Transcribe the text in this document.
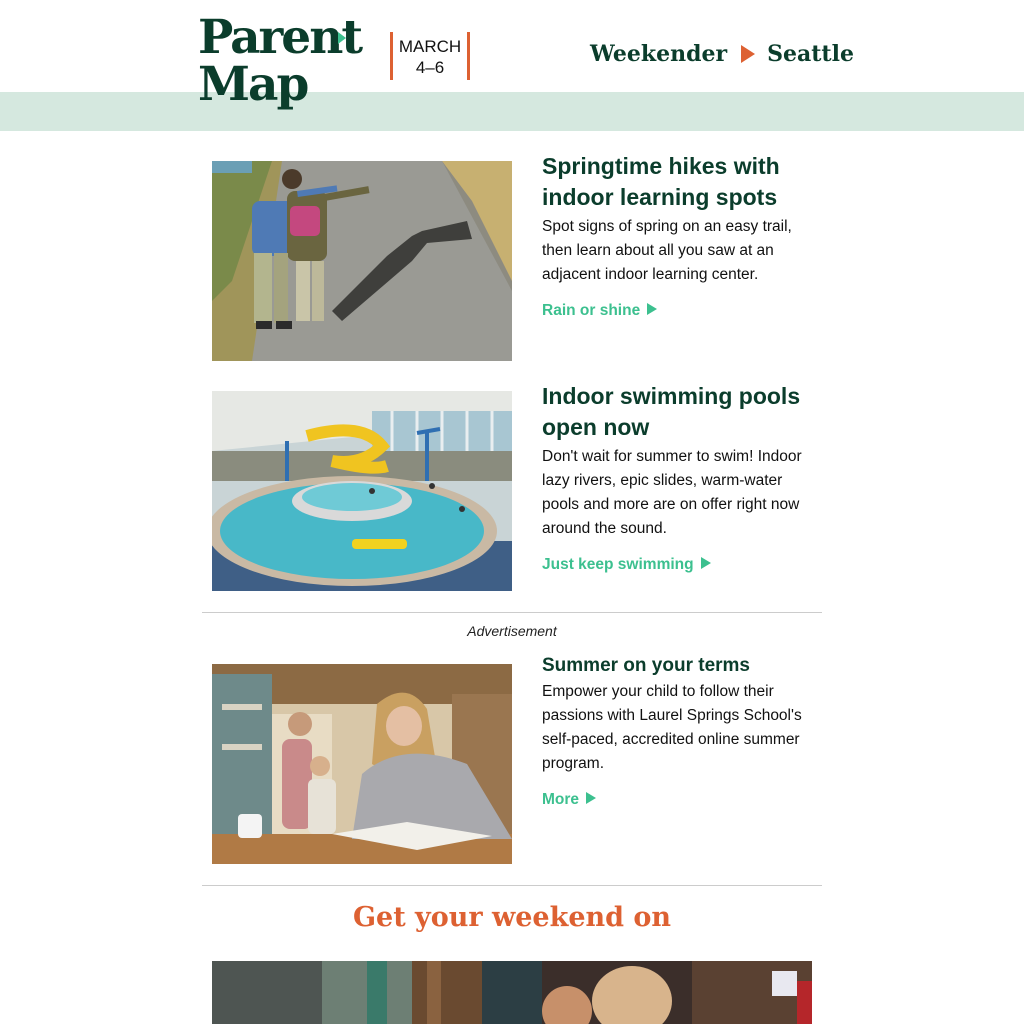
Parent
Map
MARCH
4–6
Weekender Seattle
Springtime hikes with indoor learning spots

Spot signs of spring on an easy trail, then learn about all you saw at an adjacent indoor learning center.

Rain or shine
Indoor swimming pools open now

Don't wait for summer to swim! Indoor lazy rivers, epic slides, warm-water pools and more are on offer right now around the sound.

Just keep swimming
Advertisement
Summer on your terms

Empower your child to follow their passions with Laurel Springs School's self-paced, accredited online summer program.

More
Get your weekend on
